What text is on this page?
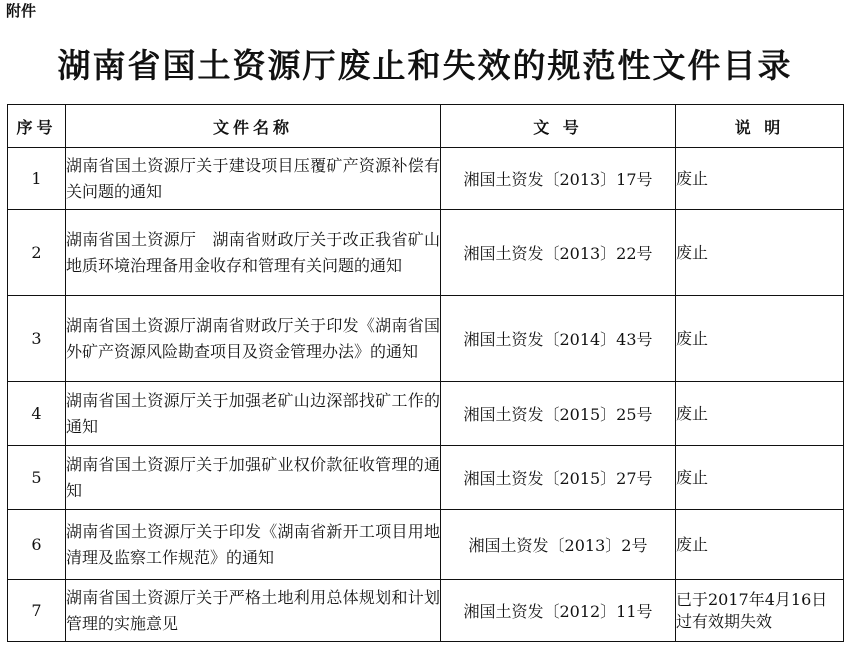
附件
湖南省国土资源厅废止和失效的规范性文件目录
序号	文件名称	文 号	说 明
1	湖南省国土资源厅关于建设项目压覆矿产资源补偿有关问题的通知	湘国土资发〔2013〕17号	废止
2	湖南省国土资源厅　湖南省财政厅关于改正我省矿山地质环境治理备用金收存和管理有关问题的通知	湘国土资发〔2013〕22号	废止
3	湖南省国土资源厅湖南省财政厅关于印发《湖南省国外矿产资源风险勘查项目及资金管理办法》的通知	湘国土资发〔2014〕43号	废止
4	湖南省国土资源厅关于加强老矿山边深部找矿工作的通知	湘国土资发〔2015〕25号	废止
5	湖南省国土资源厅关于加强矿业权价款征收管理的通知	湘国土资发〔2015〕27号	废止
6	湖南省国土资源厅关于印发《湖南省新开工项目用地清理及监察工作规范》的通知	湘国土资发〔2013〕2号	废止
7	湖南省国土资源厅关于严格土地利用总体规划和计划管理的实施意见	湘国土资发〔2012〕11号	已于2017年4月16日过有效期失效
